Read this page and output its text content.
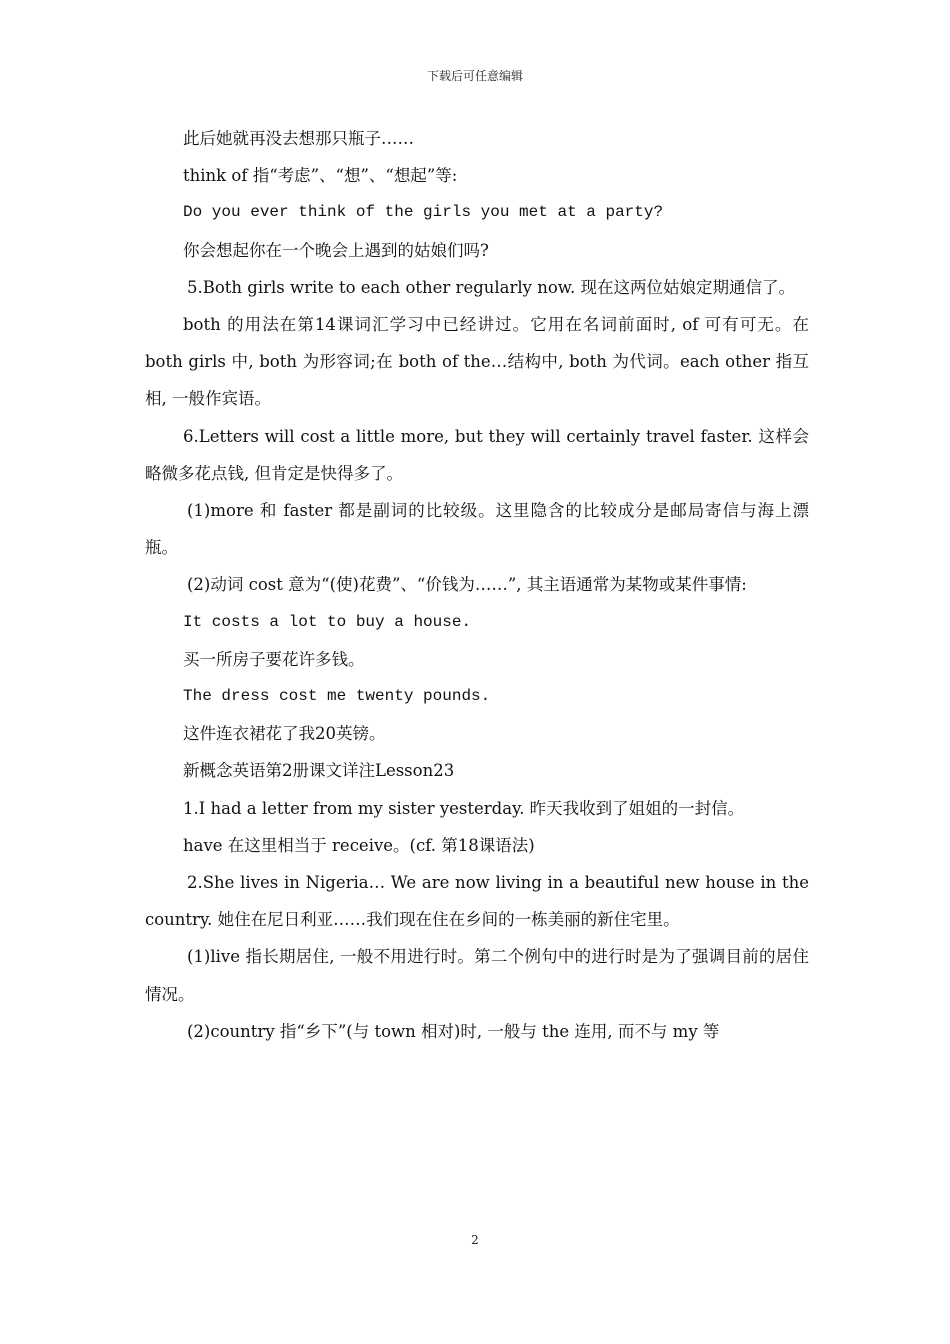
下载后可任意编辑

此后她就再没去想那只瓶子……

think of 指“考虑”、“想”、“想起”等:

Do you ever think of the girls you met at a party?

你会想起你在一个晚会上遇到的姑娘们吗?

5.Both girls write to each other regularly now. 现在这两位姑娘定期通信了。

both 的用法在第14课词汇学习中已经讲过。它用在名词前面时, of 可有可无。在 both girls 中, both 为形容词;在 both of the…结构中, both 为代词。each other 指互相, 一般作宾语。

6.Letters will cost a little more, but they will certainly travel faster. 这样会略微多花点钱, 但肯定是快得多了。

(1)more 和 faster 都是副词的比较级。这里隐含的比较成分是邮局寄信与海上漂瓶。

(2)动词 cost 意为“(使)花费”、“价钱为……”, 其主语通常为某物或某件事情:

It costs a lot to buy a house.

买一所房子要花许多钱。

The dress cost me twenty pounds.

这件连衣裙花了我20英镑。

新概念英语第2册课文详注Lesson23

1.I had a letter from my sister yesterday. 昨天我收到了姐姐的一封信。

have 在这里相当于 receive。(cf. 第18课语法)

2.She lives in Nigeria… We are now living in a beautiful new house in the country. 她住在尼日利亚……我们现在住在乡间的一栋美丽的新住宅里。

(1)live 指长期居住, 一般不用进行时。第二个例句中的进行时是为了强调目前的居住情况。

(2)country 指“乡下”(与 town 相对)时, 一般与 the 连用, 而不与 my 等

2
